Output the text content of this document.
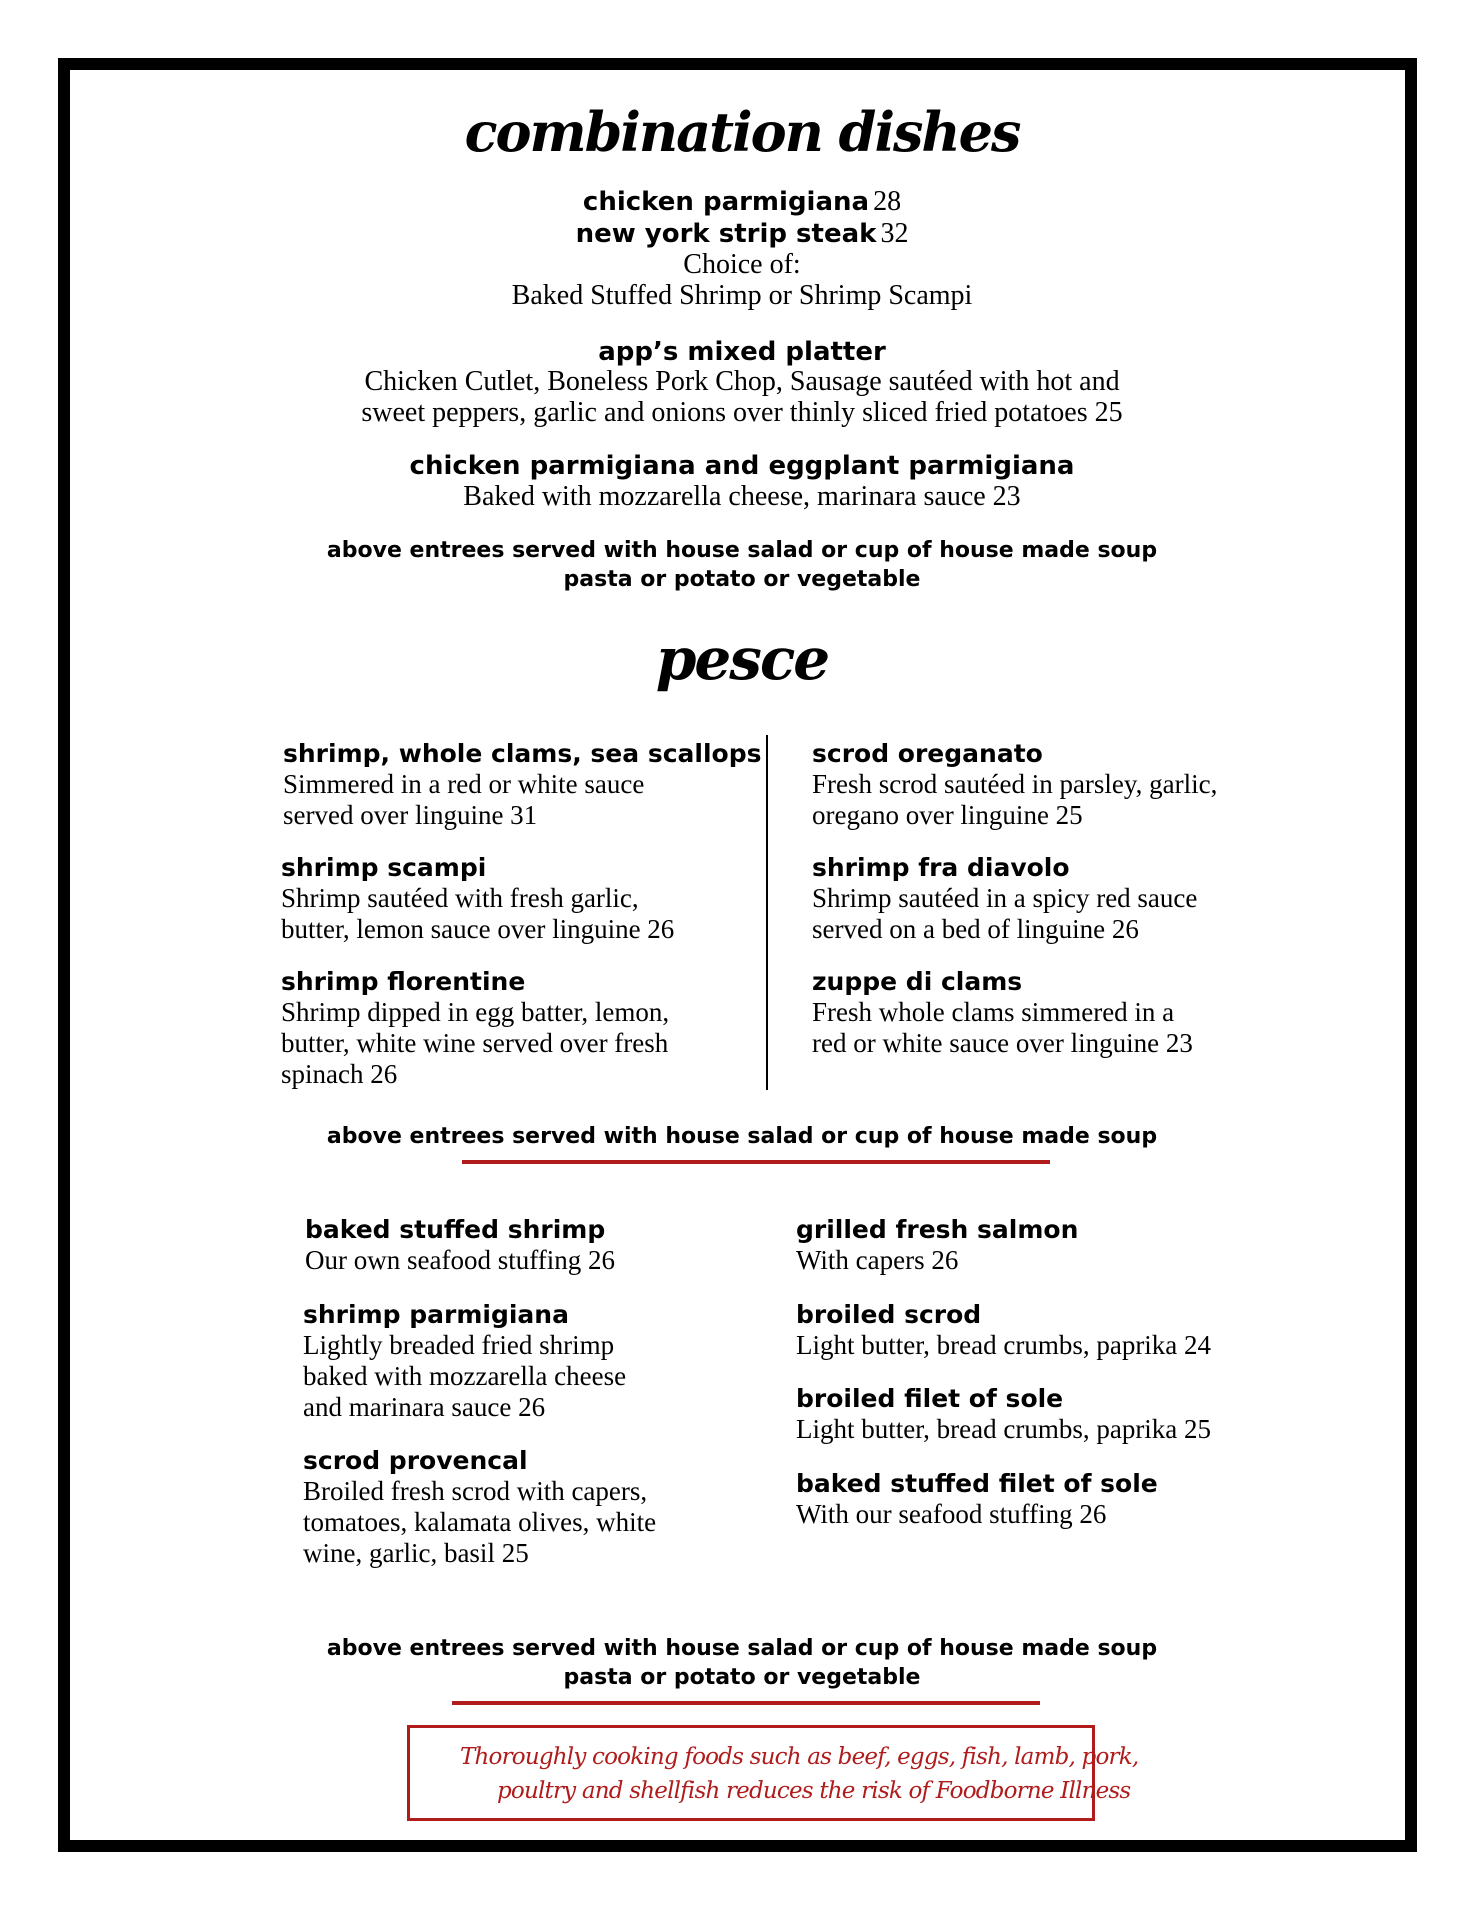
combination dishes
chicken parmigiana 28
new york strip steak 32
Choice of:
Baked Stuffed Shrimp or Shrimp Scampi
app’s mixed platter
Chicken Cutlet, Boneless Pork Chop, Sausage sautéed with hot and
sweet peppers, garlic and onions over thinly sliced fried potatoes 25
chicken parmigiana and eggplant parmigiana
Baked with mozzarella cheese, marinara sauce 23
above entrees served with house salad or cup of house made soup
pasta or potato or vegetable
pesce
shrimp, whole clams, sea scallops
Simmered in a red or white sauce
served over linguine 31
shrimp scampi
Shrimp sautéed with fresh garlic,
butter, lemon sauce over linguine 26
shrimp florentine
Shrimp dipped in egg batter, lemon,
butter, white wine served over fresh
spinach 26
scrod oreganato
Fresh scrod sautéed in parsley, garlic,
oregano over linguine 25
shrimp fra diavolo
Shrimp sautéed in a spicy red sauce
served on a bed of linguine 26
zuppe di clams
Fresh whole clams simmered in a
red or white sauce over linguine 23
above entrees served with house salad or cup of house made soup
baked stuffed shrimp
Our own seafood stuffing 26
shrimp parmigiana
Lightly breaded fried shrimp
baked with mozzarella cheese
and marinara sauce 26
scrod provencal
Broiled fresh scrod with capers,
tomatoes, kalamata olives, white
wine, garlic, basil 25
grilled fresh salmon
With capers 26
broiled scrod
Light butter, bread crumbs, paprika 24
broiled filet of sole
Light butter, bread crumbs, paprika 25
baked stuffed filet of sole
With our seafood stuffing 26
above entrees served with house salad or cup of house made soup
pasta or potato or vegetable
Thoroughly cooking foods such as beef, eggs, fish, lamb, pork,
poultry and shellfish reduces the risk of Foodborne Illness
